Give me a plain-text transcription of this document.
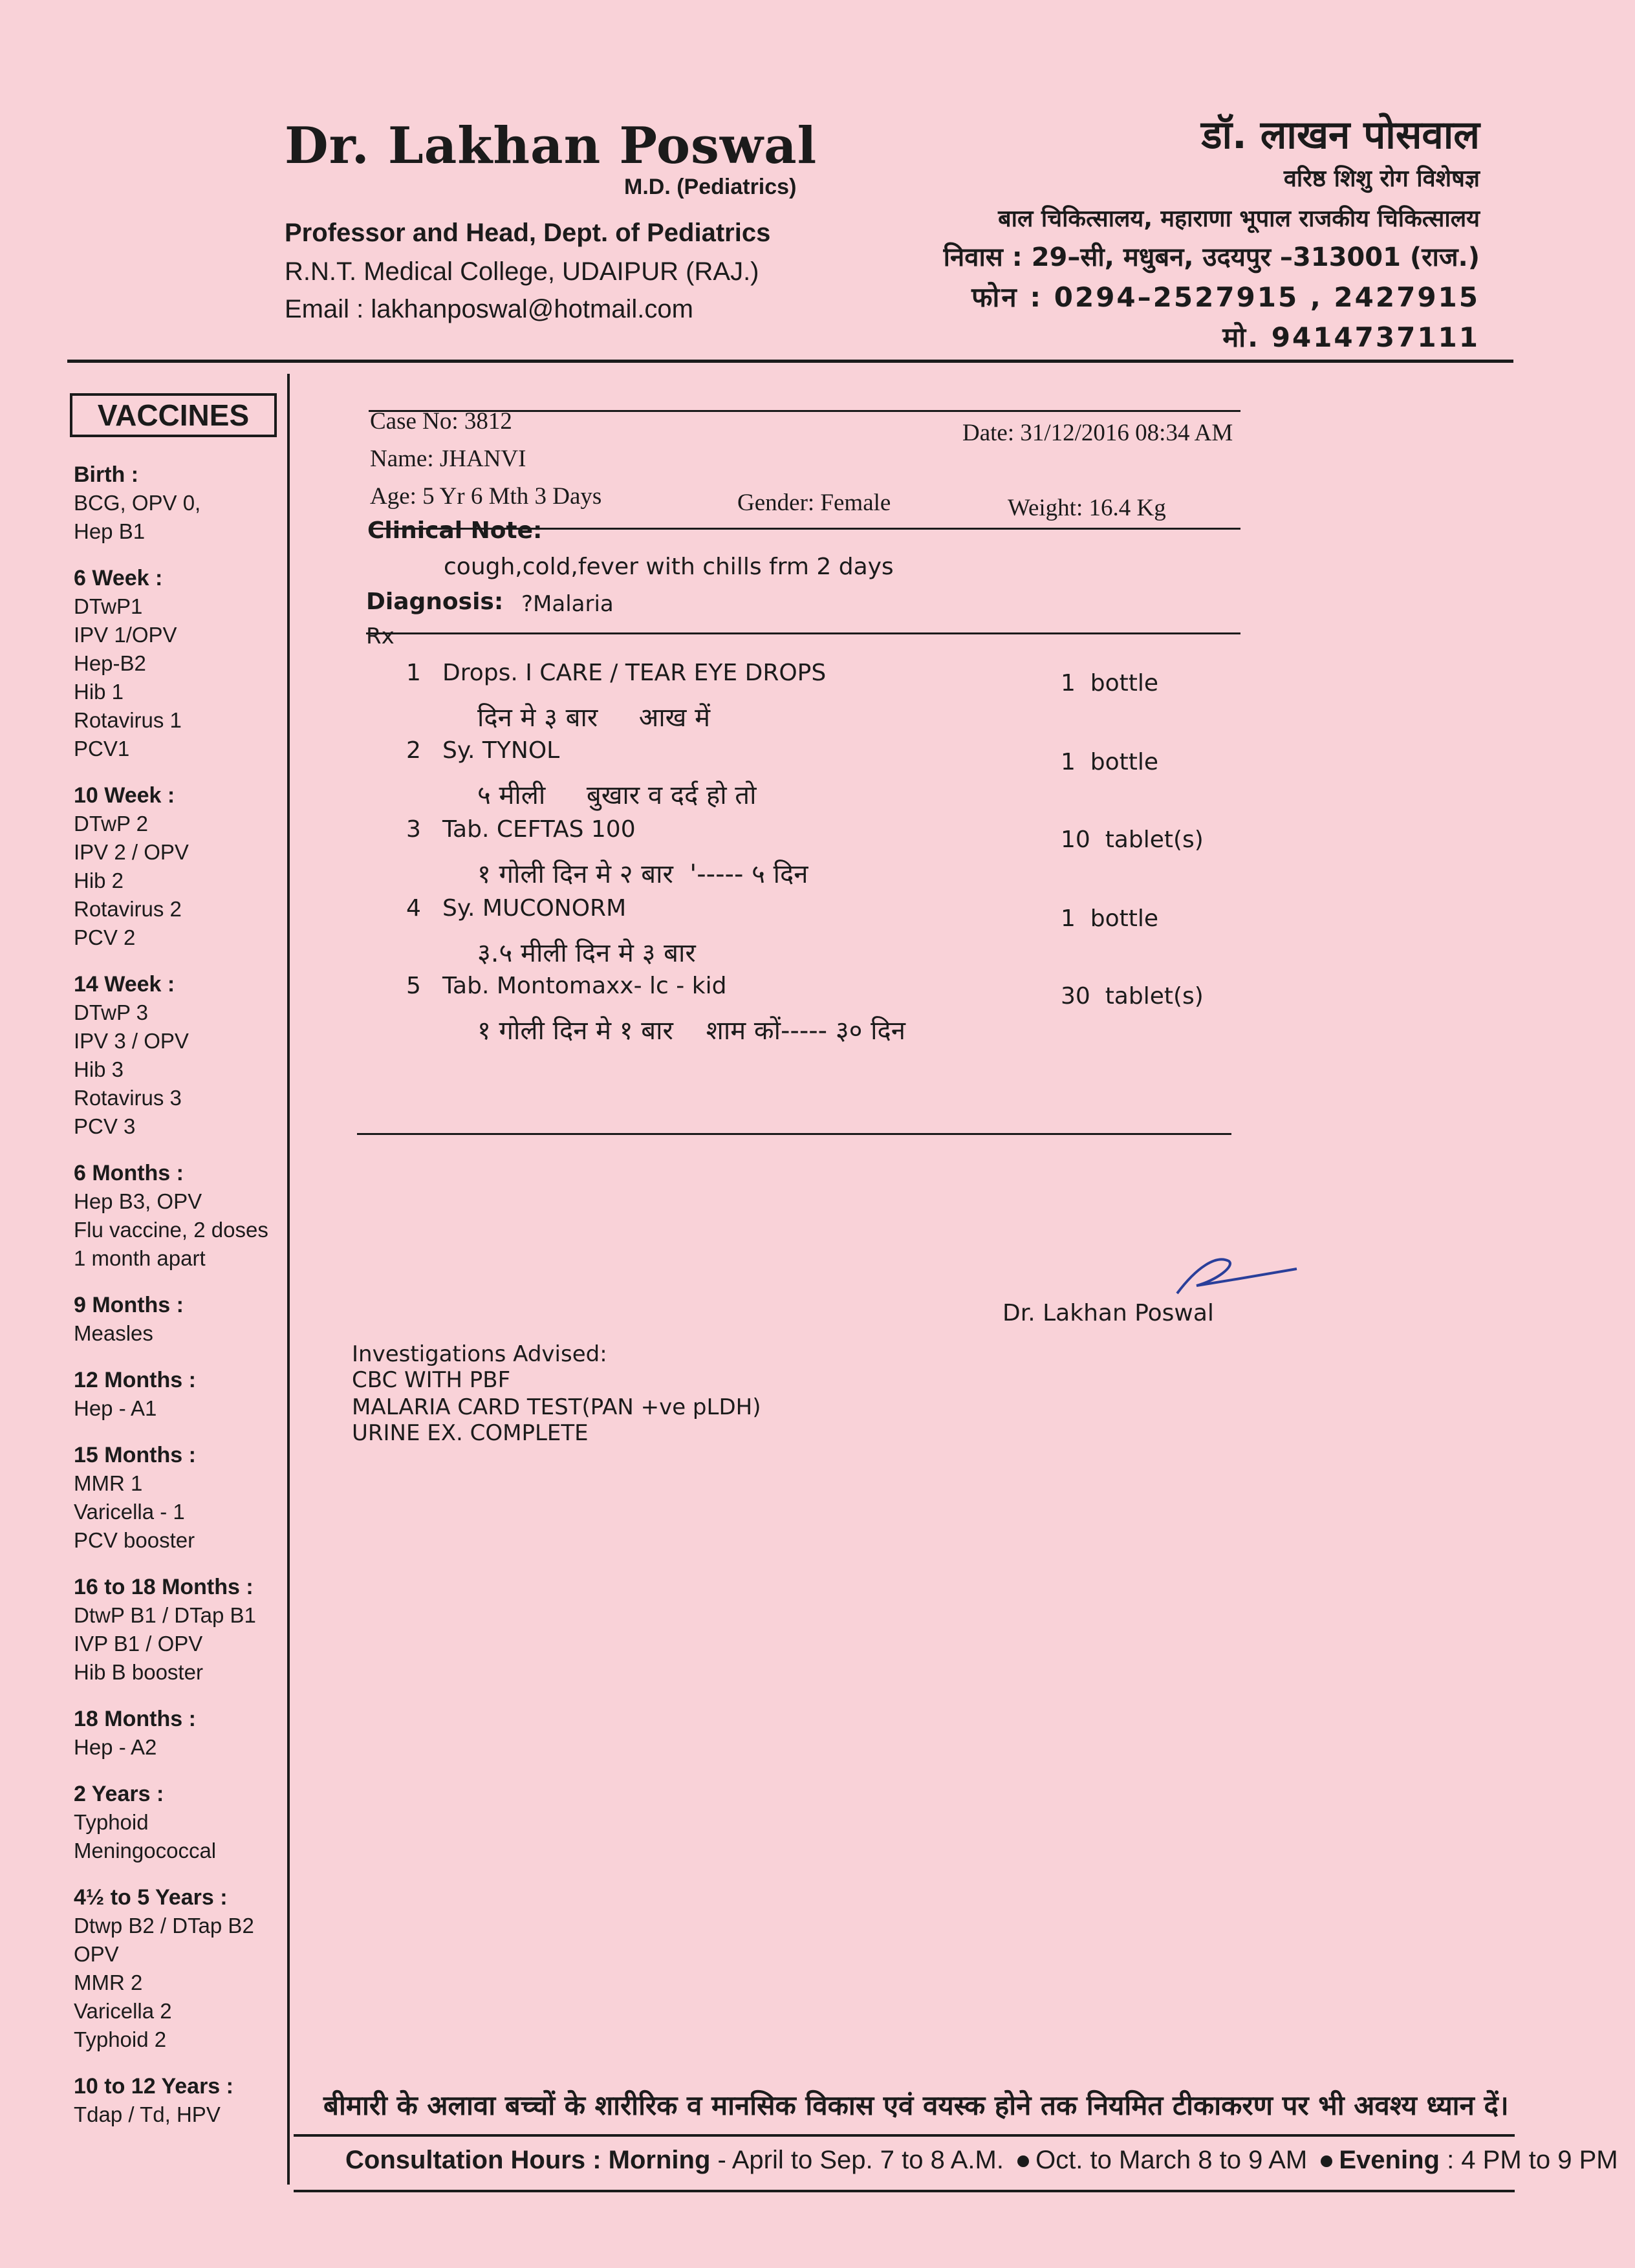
Dr. Lakhan Poswal
M.D. (Pediatrics)
Professor and Head, Dept. of Pediatrics
R.N.T. Medical College, UDAIPUR (RAJ.)
Email : lakhanposwal@hotmail.com
डॉ. लाखन पोसवाल
वरिष्ठ शिशु रोग विशेषज्ञ
बाल चिकित्सालय, महाराणा भूपाल राजकीय चिकित्सालय
निवास : 29–सी, मधुबन, उदयपुर –313001 (राज.)
फोन : 0294–2527915 , 2427915
मो. 9414737111
VACCINES
Birth :
BCG, OPV 0,
Hep B1
6 Week :
DTwP1
IPV 1/OPV
Hep-B2
Hib 1
Rotavirus 1
PCV1
10 Week :
DTwP 2
IPV 2 / OPV
Hib 2
Rotavirus 2
PCV 2
14 Week :
DTwP 3
IPV 3 / OPV
Hib 3
Rotavirus 3
PCV 3
6 Months :
Hep B3, OPV
Flu vaccine, 2 doses
1 month apart
9 Months :
Measles
12 Months :
Hep - A1
15 Months :
MMR 1
Varicella - 1
PCV booster
16 to 18 Months :
DtwP B1 / DTap B1
IVP B1 / OPV
Hib B booster
18 Months :
Hep - A2
2 Years :
Typhoid
Meningococcal
4½ to 5 Years :
Dtwp B2 / DTap B2
OPV
MMR 2
Varicella 2
Typhoid 2
10 to 12 Years :
Tdap / Td, HPV
Case No: 3812	Date: 31/12/2016 08:34 AM
Name: JHANVI
Age: 5 Yr 6 Mth 3 Days	Gender: Female	Weight: 16.4 Kg
Clinical Note:
cough,cold,fever with chills frm 2 days
Diagnosis: ?Malaria
Rx
1 Drops. I CARE / TEAR EYE DROPS
दिन मे ३ बार     आख में
1  bottle
2 Sy. TYNOL
५ मीली     बुखार व दर्द हो तो
1  bottle
3 Tab. CEFTAS 100
१ गोली दिन मे २ बार  '----- ५ दिन
10  tablet(s)
4 Sy. MUCONORM
३.५ मीली दिन मे ३ बार
1  bottle
5 Tab. Montomaxx- lc - kid
१ गोली दिन मे १ बार    शाम कों----- ३० दिन
30  tablet(s)
Dr. Lakhan Poswal
Investigations Advised:
CBC WITH PBF
MALARIA CARD TEST(PAN +ve pLDH)
URINE EX. COMPLETE
बीमारी के अलावा बच्चों के शारीरिक व मानसिक विकास एवं वयस्क होने तक नियमित टीकाकरण पर भी अवश्य ध्यान दें।
Consultation Hours : Morning - April to Sep. 7 to 8 A.M. Oct. to March 8 to 9 AM Evening : 4 PM to 9 PM
